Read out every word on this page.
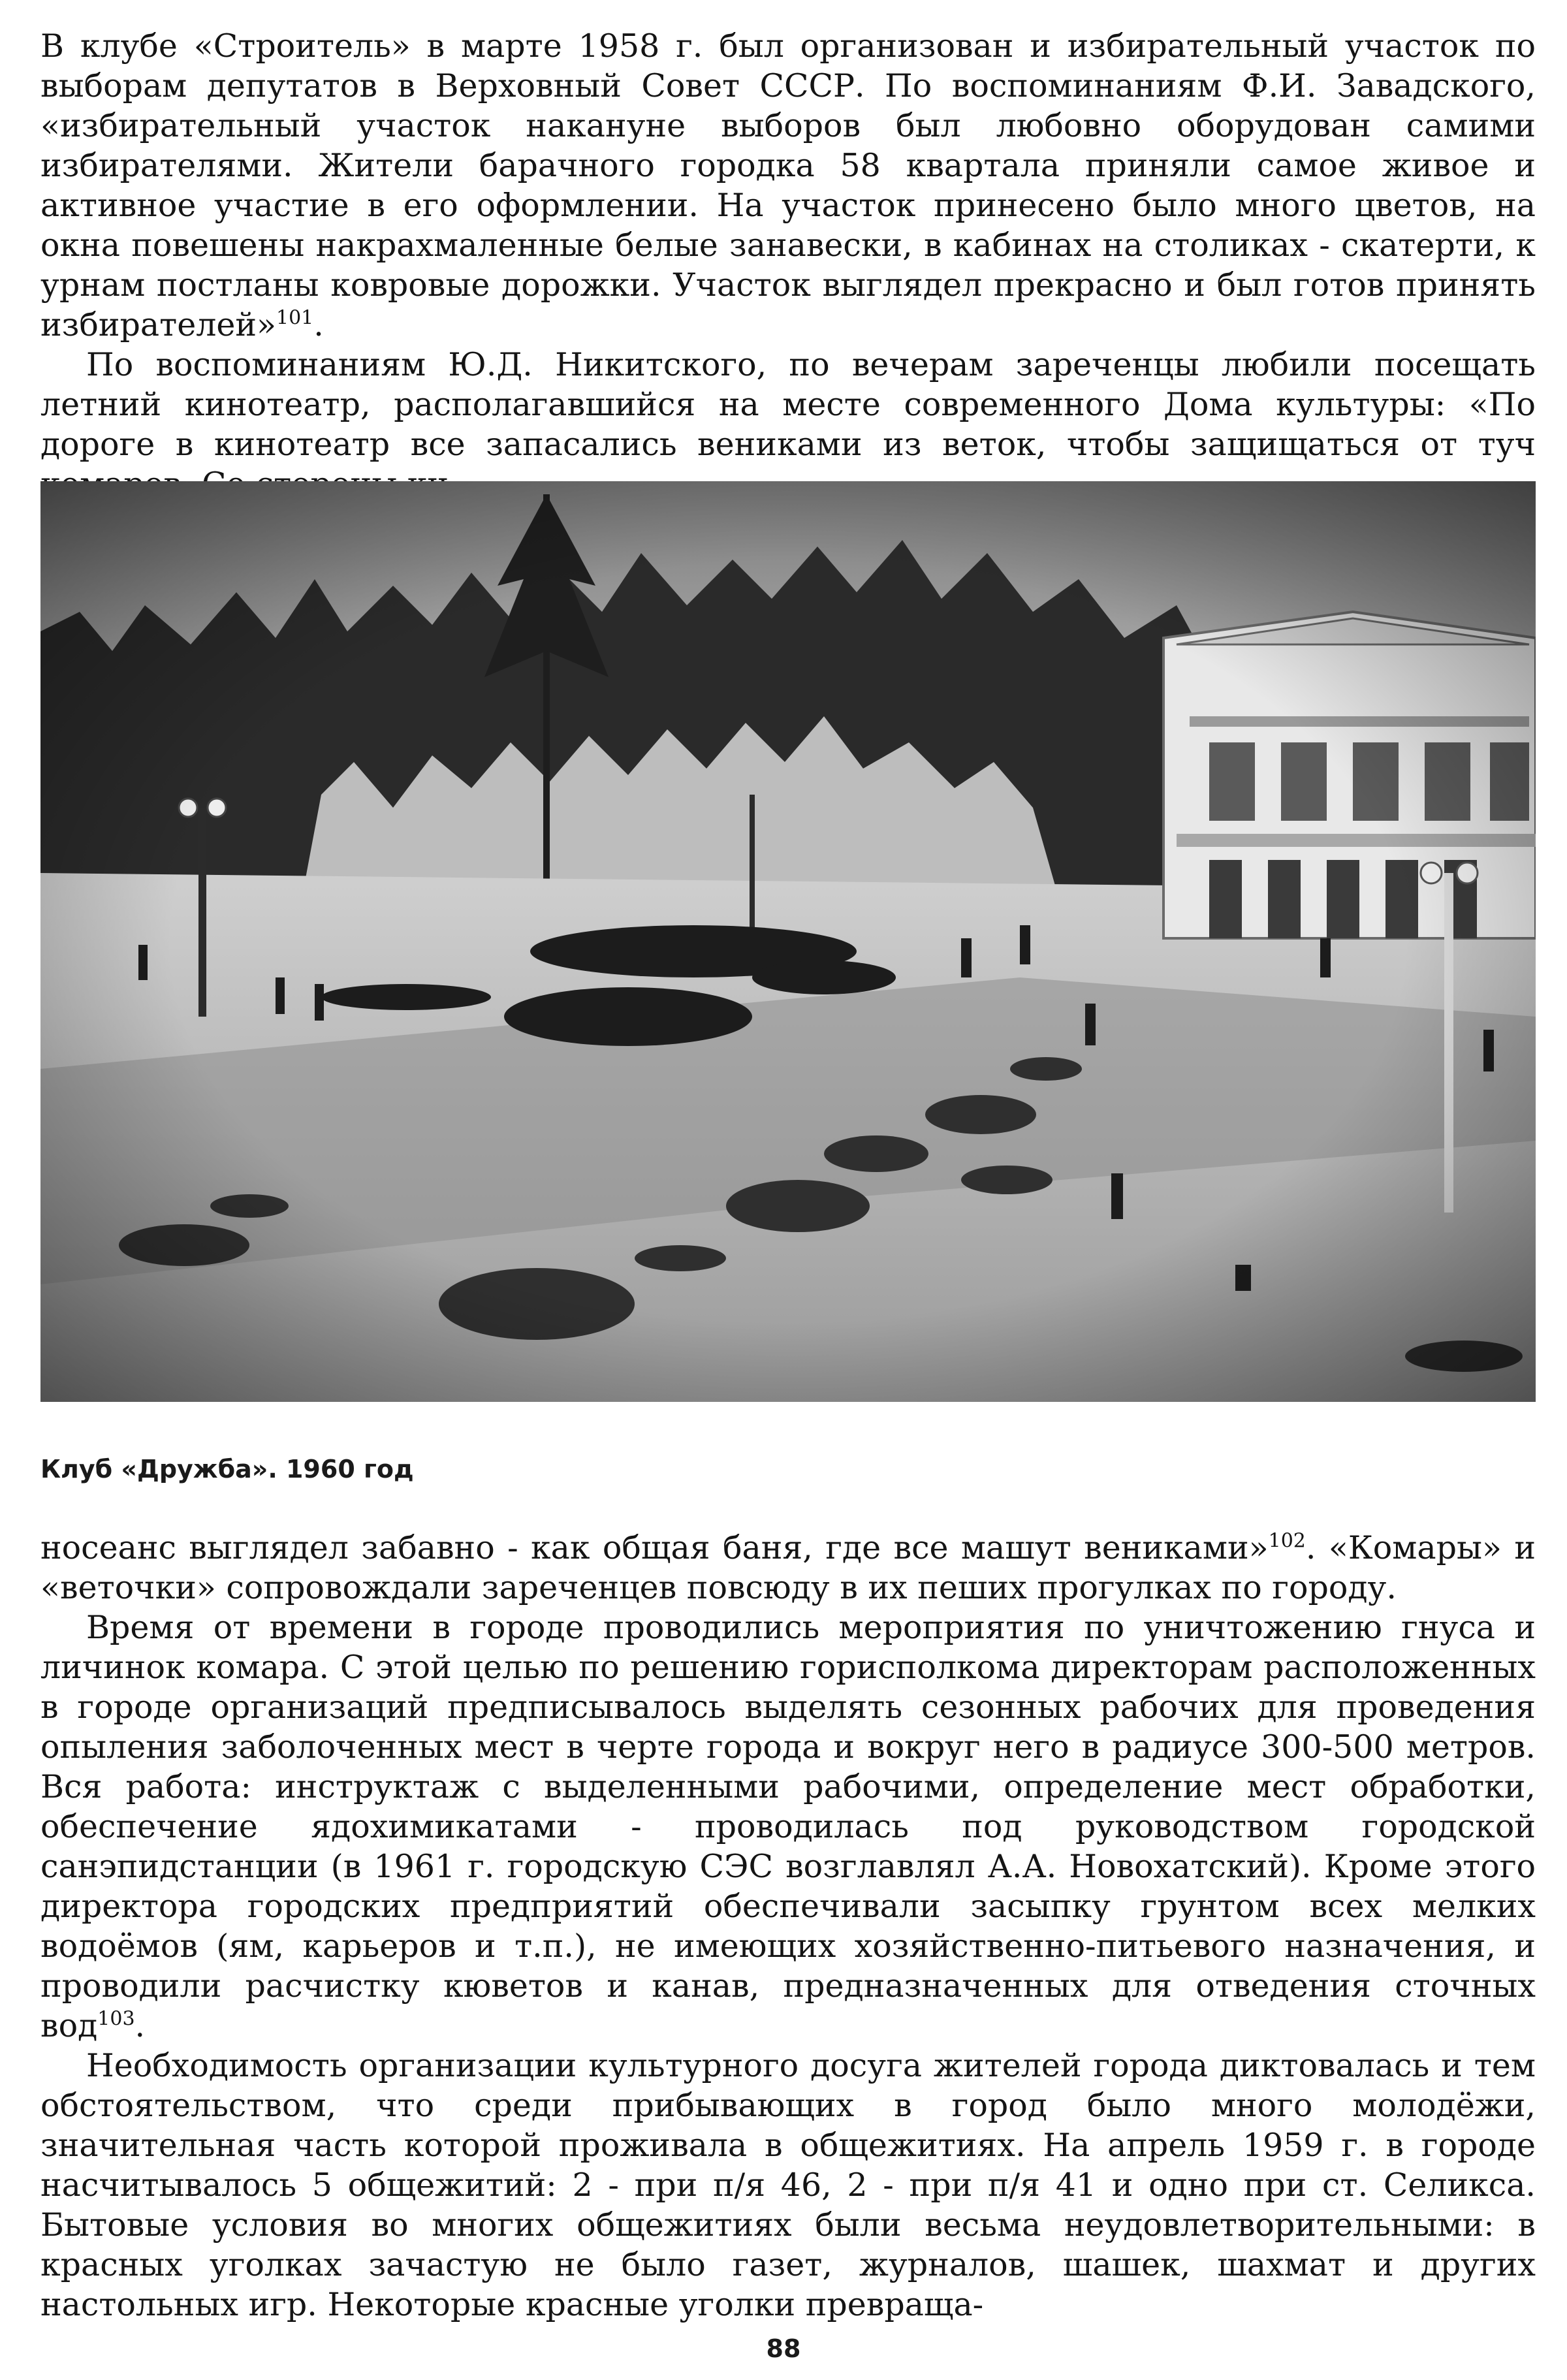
В клубе «Строитель» в марте 1958 г. был организован и избирательный участок по выборам депутатов в Верховный Совет СССР. По воспоминаниям Ф.И. Завадского, «избирательный участок накануне выборов был любовно оборудован самими избирателями. Жители барачного городка 58 квартала приняли самое живое и активное участие в его оформлении. На участок принесено было много цветов, на окна повешены накрахмаленные белые занавески, в кабинах на столиках - скатерти, к урнам постланы ковровые дорожки. Участок выглядел прекрасно и был готов принять избирателей»$^{101}$.

По воспоминаниям Ю.Д. Никитского, по вечерам зареченцы любили посещать летний кинотеатр, располагавшийся на месте современного Дома культуры: «По дороге в кинотеатр все запасались вениками из веток, чтобы защищаться от туч

Клуб «Дружба». 1960 год

носеанс выглядел забавно - как общая баня, где все машут вениками»$^{102}$. «Комары» и «веточки» сопровождали зареченцев повсюду в их пеших прогулках по городу.

Время от времени в городе проводились мероприятия по уничтожению гнуса и личинок комара. С этой целью по решению горисполкома директорам расположенных в городе организаций предписывалось выделять сезонных рабочих для проведения опыления заболоченных мест в черте города и вокруг него в радиусе 300-500 метров. Вся работа: инструктаж с выделенными рабочими, определение мест обработки, обеспечение ядохимикатами - проводилась под руководством городской санэпидстанции (в 1961 г. городскую СЭС возглавлял А.А. Новохатский). Кроме этого директора городских предприятий обеспечивали засыпку грунтом всех мелких водоёмов (ям, карьеров и т.п.), не имеющих хозяйственно-питьевого назначения, и проводили расчистку кюветов и канав, предназначенных для отведения сточных вод$^{103}$.

Необходимость организации культурного досуга жителей города диктовалась и тем обстоятельством, что среди прибывающих в город было много молодёжи, значительная часть которой проживала в общежитиях. На апрель 1959 г. в городе насчитывалось 5 общежитий: 2 - при п/я 46, 2 - при п/я 41 и одно при ст. Селикса. Бытовые условия во многих общежитиях были весьма неудовлетворительными: в красных уголках зачастую не было газет, журналов, шашек, шахмат и других настольных игр. Некоторые красные уголки превраща-

88
